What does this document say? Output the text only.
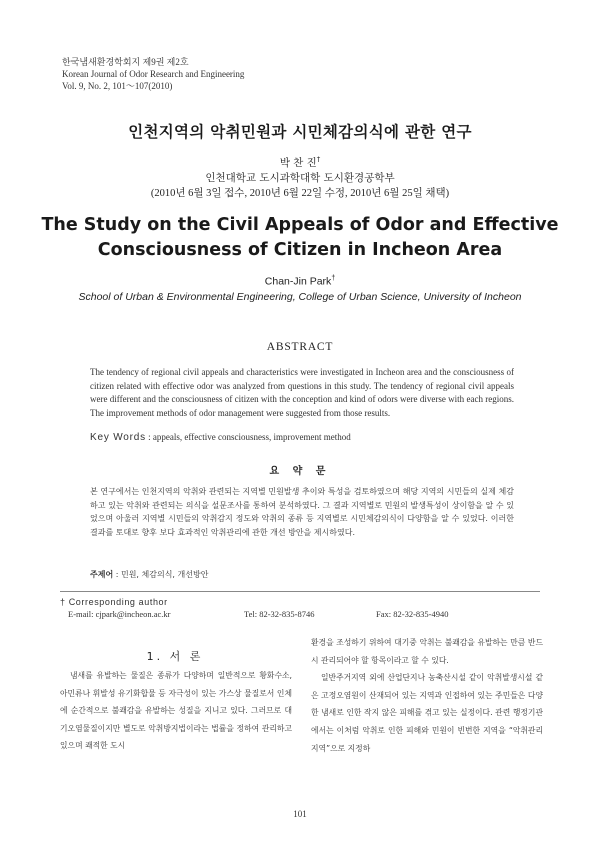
한국냄새환경학회지 제9권 제2호
Korean Journal of Odor Research and Engineering
Vol. 9, No. 2, 101～107(2010)
인천지역의 악취민원과 시민체감의식에 관한 연구
박 찬 진†
인천대학교 도시과학대학 도시환경공학부
(2010년 6월 3일 접수, 2010년 6월 22일 수정, 2010년 6월 25일 채택)
The Study on the Civil Appeals of Odor and Effective
Consciousness of Citizen in Incheon Area
Chan-Jin Park†
School of Urban & Environmental Engineering, College of Urban Science, University of Incheon
ABSTRACT
The tendency of regional civil appeals and characteristics were investigated in Incheon area and the consciousness of citizen related with effective odor was analyzed from questions in this study. The tendency of regional civil appeals were different and the consciousness of citizen with the conception and kind of odors were diverse with each regions. The improvement methods of odor management were suggested from those results.
Key Words : appeals, effective consciousness, improvement method
요 약 문
본 연구에서는 인천지역의 악취와 관련되는 지역별 민원발생 추이와 특성을 검토하였으며 해당 지역의 시민들의 실제 체감하고 있는 악취와 관련되는 의식을 설문조사를 통하여 분석하였다. 그 결과 지역별로 민원의 발생특성이 상이함을 알 수 있었으며 아울러 지역별 시민들의 악취감지 정도와 악취의 종류 등 지역별로 시민체감의식이 다양함을 알 수 있었다. 이러한 결과를 토대로 향후 보다 효과적인 악취관리에 관한 개선 방안을 제시하였다.
주제어 : 민원, 체감의식, 개선방안
† Corresponding author
E-mail: cjpark@incheon.ac.kr	Tel: 82-32-835-8746	Fax: 82-32-835-4940
1. 서 론

냄새를 유발하는 물질은 종류가 다양하며 일반적으로 황화수소, 아민류나 휘발성 유기화합물 등 자극성이 있는 가스상 물질로서 인체에 순간적으로 불쾌감을 유발하는 성질을 지니고 있다. 그러므로 대기오염물질이지만 별도로 악취방지법이라는 법률을 정하여 관리하고 있으며 쾌적한 도시

환경을 조성하기 위하여 대기중 악취는 불쾌감을 유발하는 만큼 반드시 관리되어야 할 항목이라고 할 수 있다.

일반주거지역 외에 산업단지나 농축산시설 같이 악취발생시설 같은 고정오염원이 산재되어 있는 지역과 인접하여 있는 주민들은 다양한 냄새로 인한 작지 않은 피해를 겪고 있는 실정이다. 관련 행정기관에서는 이처럼 악취로 인한 피해와 민원이 빈번한 지역을 “악취관리지역”으로 지정하

101
